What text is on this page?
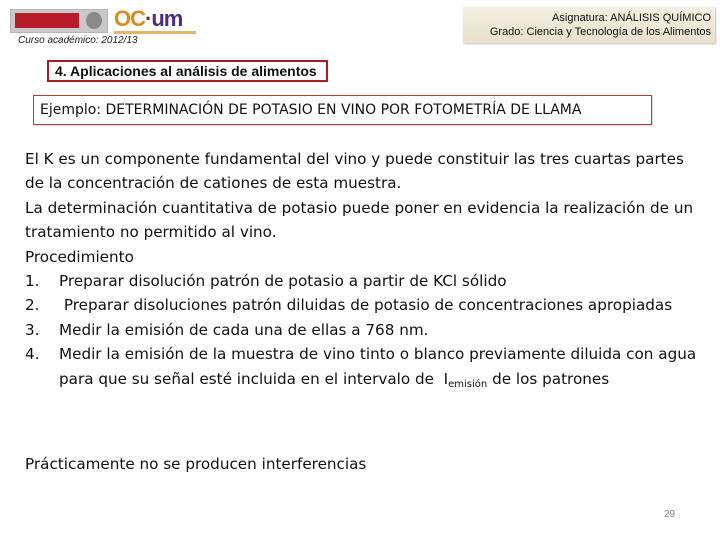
OC·um
Curso académico: 2012/13
Asignatura: ANÁLISIS QUÍMICO
Grado: Ciencia y Tecnología de los Alimentos
4. Aplicaciones al análisis de alimentos
Ejemplo: DETERMINACIÓN DE POTASIO EN VINO POR FOTOMETRÍA DE LLAMA

El K es un componente fundamental del vino y puede constituir las tres cuartas partes de la concentración de cationes de esta muestra.

La determinación cuantitativa de potasio puede poner en evidencia la realización de un tratamiento no permitido al vino.

Procedimiento

1. Preparar disolución patrón de potasio a partir de KCl sólido
2. Preparar disoluciones patrón diluidas de potasio de concentraciones apropiadas
3. Medir la emisión de cada una de ellas a 768 nm.
4. Medir la emisión de la muestra de vino tinto o blanco previamente diluida con agua para que su señal esté incluida en el intervalo de  $I_{emisión}$ de los patrones
Prácticamente no se producen interferencias
29
